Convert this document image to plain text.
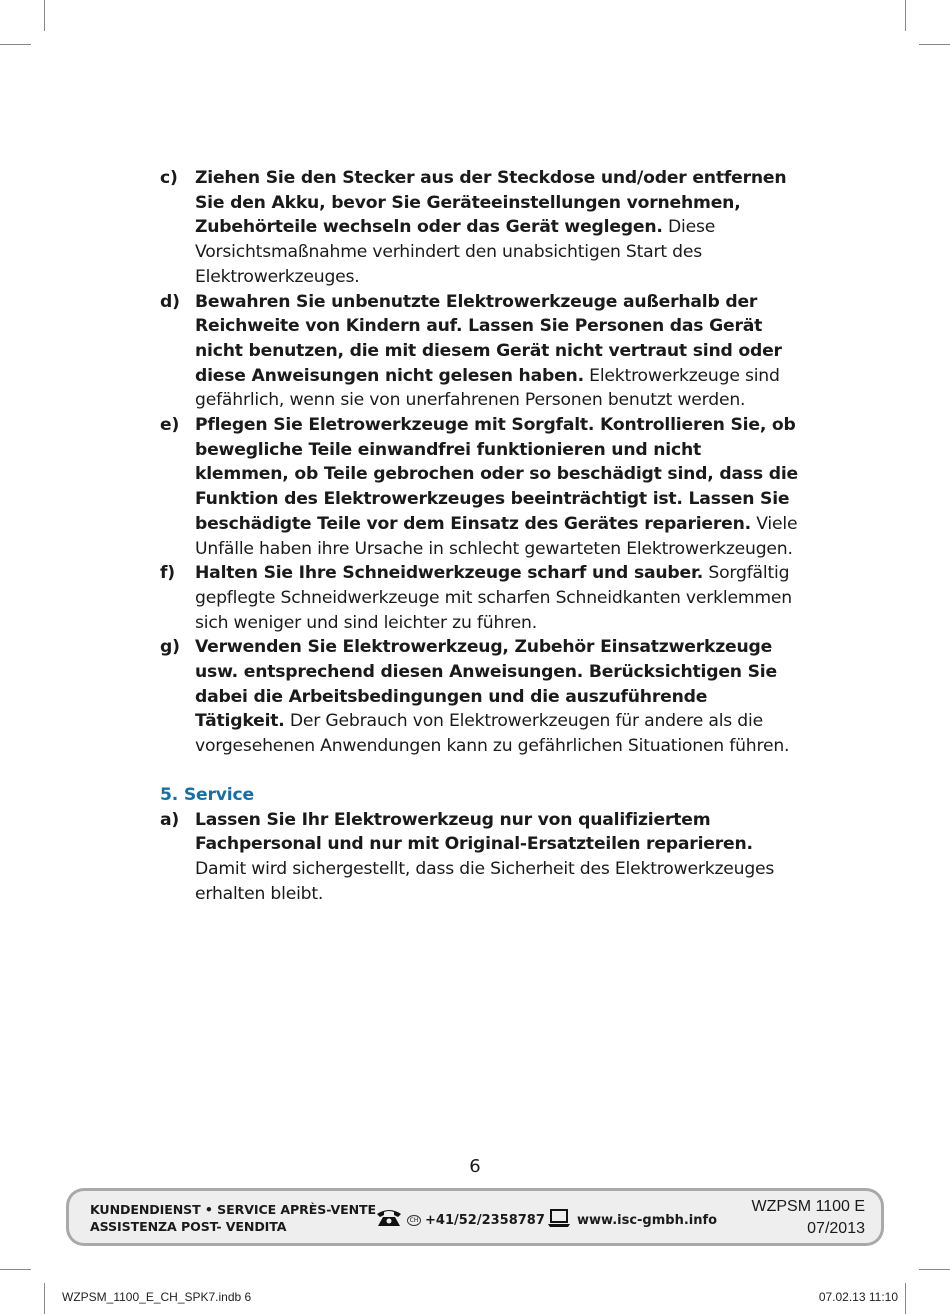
c)	Ziehen Sie den Stecker aus der Steckdose und/oder entfernen Sie den Akku, bevor Sie Geräteeinstellungen vornehmen, Zubehörteile wechseln oder das Gerät weglegen. Diese Vorsichtsmaßnahme verhindert den unabsichtigen Start des Elektrowerkzeuges.
d) Bewahren Sie unbenutzte Elektrowerkzeuge außerhalb der Reichweite von Kindern auf. Lassen Sie Personen das Gerät nicht benutzen, die mit diesem Gerät nicht vertraut sind oder diese Anweisungen nicht gelesen haben. Elektrowerkzeuge sind gefährlich, wenn sie von unerfahrenen Personen benutzt werden.
e) Pflegen Sie Eletrowerkzeuge mit Sorgfalt. Kontrollieren Sie, ob bewegliche Teile einwandfrei funktionieren und nicht klemmen, ob Teile gebrochen oder so beschädigt sind, dass die Funktion des Elektrowerkzeuges beeinträchtigt ist. Lassen Sie beschädigte Teile vor dem Einsatz des Gerätes reparieren. Viele Unfälle haben ihre Ursache in schlecht gewarteten Elektrowerkzeugen.
f)	Halten Sie Ihre Schneidwerkzeuge scharf und sauber. Sorgfältig gepflegte Schneidwerkzeuge mit scharfen Schneidkanten verklemmen sich weniger und sind leichter zu führen.
g) Verwenden Sie Elektrowerkzeug, Zubehör Einsatzwerkzeuge usw. entsprechend diesen Anweisungen. Berücksichtigen Sie dabei die Arbeitsbedingungen und die auszuführende Tätigkeit. Der Gebrauch von Elektrowerkzeugen für andere als die vorgesehenen Anwendungen kann zu gefährlichen Situationen führen.
5. Service
a) Lassen Sie Ihr Elektrowerkzeug nur von qualifiziertem Fachpersonal und nur mit Original-Ersatzteilen reparieren. Damit wird sichergestellt, dass die Sicherheit des Elektrowerkzeuges erhalten bleibt.
6
KUNDENDIENST • SERVICE APRÈS-VENTE
ASSISTENZA POST- VENDITA	CH +41/52/2358787 www.isc-gmbh.info
WZPSM 1100 E
07/2013
WZPSM_1100_E_CH_SPK7.indb 6	07.02.13 11:10
